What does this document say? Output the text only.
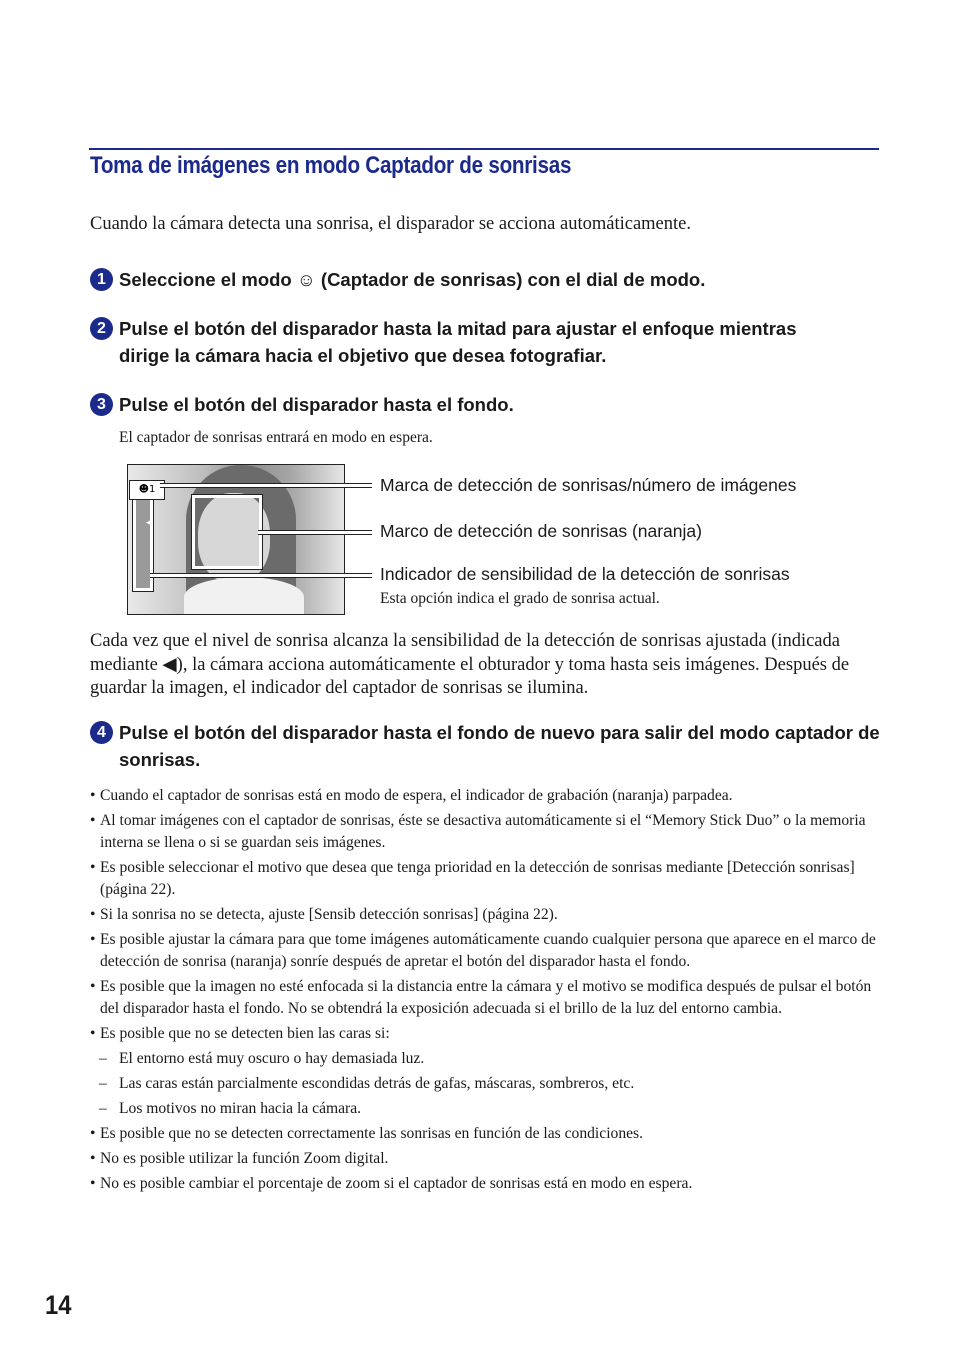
Toma de imágenes en modo Captador de sonrisas

Cuando la cámara detecta una sonrisa, el disparador se acciona automáticamente.

1 Seleccione el modo ☺ (Captador de sonrisas) con el dial de modo.
2 Pulse el botón del disparador hasta la mitad para ajustar el enfoque mientras dirige la cámara hacia el objetivo que desea fotografiar.
3 Pulse el botón del disparador hasta el fondo.

El captador de sonrisas entrará en modo en espera.

◀
☻1	Marca de detección de sonrisas/número de imágenes

Marco de detección de sonrisas (naranja)

Indicador de sensibilidad de la detección de sonrisas

Esta opción indica el grado de sonrisa actual.

Cada vez que el nivel de sonrisa alcanza la sensibilidad de la detección de sonrisas ajustada (indicada mediante ◀), la cámara acciona automáticamente el obturador y toma hasta seis imágenes. Después de guardar la imagen, el indicador del captador de sonrisas se ilumina.

4 Pulse el botón del disparador hasta el fondo de nuevo para salir del modo captador de sonrisas.
• Cuando el captador de sonrisas está en modo de espera, el indicador de grabación (naranja) parpadea.
• Al tomar imágenes con el captador de sonrisas, éste se desactiva automáticamente si el “Memory Stick Duo” o la memoria interna se llena o si se guardan seis imágenes.
• Es posible seleccionar el motivo que desea que tenga prioridad en la detección de sonrisas mediante [Detección sonrisas] (página 22).
• Si la sonrisa no se detecta, ajuste [Sensib detección sonrisas] (página 22).
• Es posible ajustar la cámara para que tome imágenes automáticamente cuando cualquier persona que aparece en el marco de detección de sonrisa (naranja) sonríe después de apretar el botón del disparador hasta el fondo.
• Es posible que la imagen no esté enfocada si la distancia entre la cámara y el motivo se modifica después de pulsar el botón del disparador hasta el fondo. No se obtendrá la exposición adecuada si el brillo de la luz del entorno cambia.
• Es posible que no se detecten bien las caras si:
– El entorno está muy oscuro o hay demasiada luz.
– Las caras están parcialmente escondidas detrás de gafas, máscaras, sombreros, etc.
– Los motivos no miran hacia la cámara.
• Es posible que no se detecten correctamente las sonrisas en función de las condiciones.
• No es posible utilizar la función Zoom digital.
• No es posible cambiar el porcentaje de zoom si el captador de sonrisas está en modo en espera.

14
